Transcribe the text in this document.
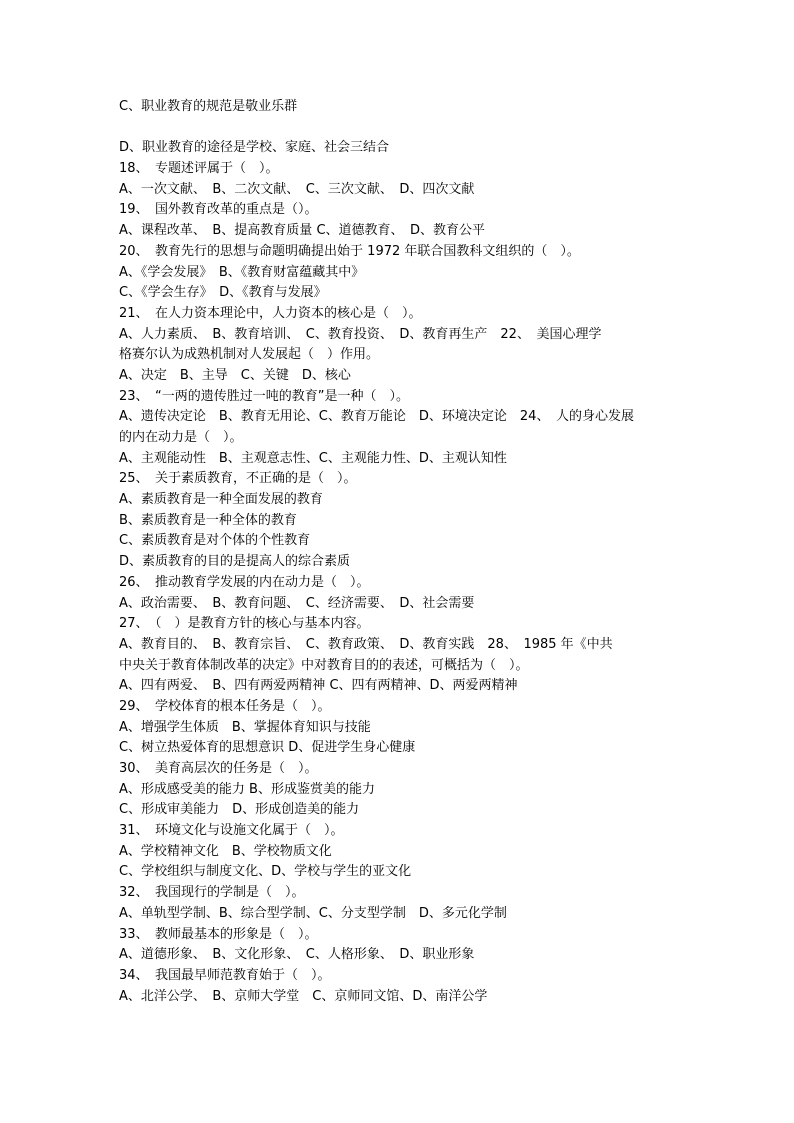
C、职业教育的规范是敬业乐群
D、职业教育的途径是学校、家庭、社会三结合
18、　专题述评属于（　）。
A、一次文献、　B、二次文献、　C、三次文献、　D、四次文献
19、　国外教育改革的重点是（）。
A、课程改革、　B、提高教育质量 C、道德教育、　D、教育公平
20、　教育先行的思想与命题明确提出始于 1972 年联合国教科文组织的（　）。
A、《学会发展》　B、《教育财富蕴藏其中》
C、《学会生存》　D、《教育与发展》
21、　在人力资本理论中，人力资本的核心是（　）。
A、人力素质、　B、教育培训、　C、教育投资、　D、教育再生产　22、　美国心理学
格赛尔认为成熟机制对人发展起（　）作用。
A、决定　B、主导　C、关键　D、核心
23、　“一两的遗传胜过一吨的教育”是一种（　）。
A、遗传决定论　B、教育无用论、C、教育万能论　D、环境决定论　24、　人的身心发展
的内在动力是（　）。
A、主观能动性　B、主观意志性、C、主观能力性、D、主观认知性
25、　关于素质教育，不正确的是（　）。
A、素质教育是一种全面发展的教育
B、素质教育是一种全体的教育
C、素质教育是对个体的个性教育
D、素质教育的目的是提高人的综合素质
26、　推动教育学发展的内在动力是（　）。
A、政治需要、　B、教育问题、　C、经济需要、　D、社会需要
27、　（　）是教育方针的核心与基本内容。
A、教育目的、　B、教育宗旨、　C、教育政策、　D、教育实践　28、　1985 年《中共
中央关于教育体制改革的决定》中对教育目的的表述，可概括为（　）。
A、四有两爱、　B、四有两爱两精神 C、四有两精神、D、两爱两精神
29、　学校体育的根本任务是（　）。
A、增强学生体质　B、掌握体育知识与技能
C、树立热爱体育的思想意识 D、促进学生身心健康
30、　美育高层次的任务是（　）。
A、形成感受美的能力 B、形成鉴赏美的能力
C、形成审美能力　D、形成创造美的能力
31、　环境文化与设施文化属于（　）。
A、学校精神文化　B、学校物质文化
C、学校组织与制度文化、D、学校与学生的亚文化
32、　我国现行的学制是（　）。
A、单轨型学制、B、综合型学制、C、分支型学制　D、多元化学制
33、　教师最基本的形象是（　）。
A、道德形象、　B、文化形象、　C、人格形象、　D、职业形象
34、　我国最早师范教育始于（　）。
A、北洋公学、　B、京师大学堂　C、京师同文馆、D、南洋公学
